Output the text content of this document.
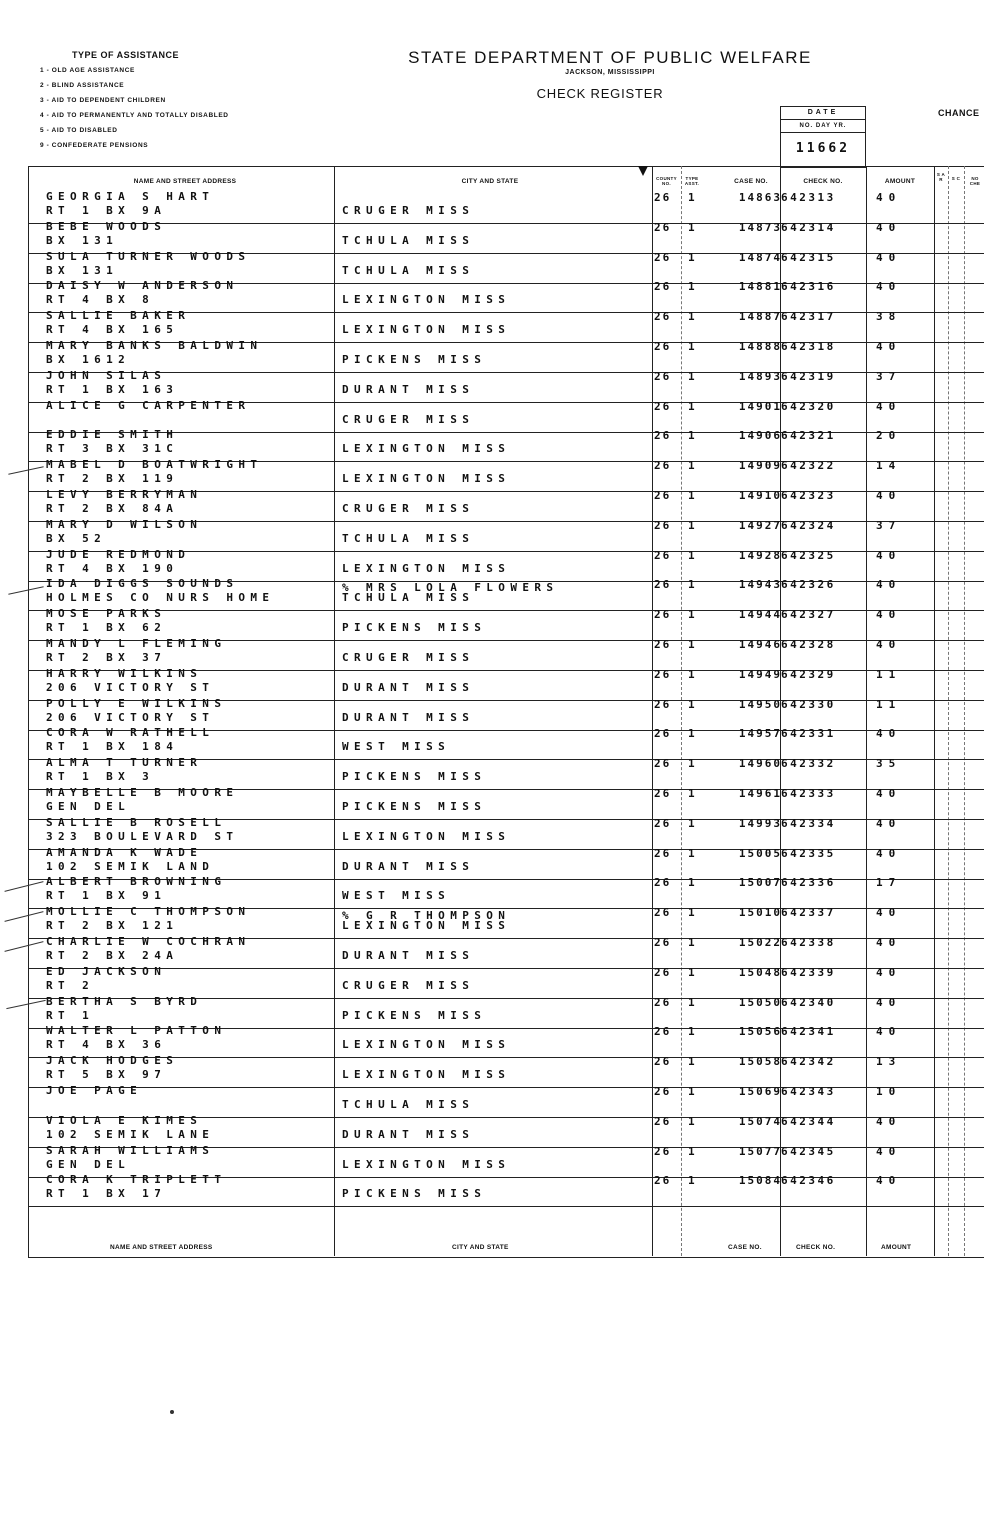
TYPE OF ASSISTANCE
1 - OLD AGE ASSISTANCE
2 - BLIND ASSISTANCE
3 - AID TO DEPENDENT CHILDREN
4 - AID TO PERMANENTLY AND TOTALLY DISABLED
5 - AID TO DISABLED
9 - CONFEDERATE PENSIONS
STATE DEPARTMENT OF PUBLIC WELFARE
JACKSON, MISSISSIPPI
CHECK REGISTER
DATE
NO. DAY YR.
11662
CHANCE
NAME AND STREET ADDRESS	CITY AND STATE	COUNTY NO.
TYPE ASST.	CASE NO.	CHECK NO.	AMOUNT
S A R	S C	NO CHE
GEORGIA S HART
RT 1 BX 9A	CRUGER MISS
26 1	14863 642313	40
BEBE WOODS
BX 131	TCHULA MISS
26 1	14873 642314	40
SULA TURNER WOODS
BX 131	TCHULA MISS
26 1	14874 642315	40
DAISY W ANDERSON
RT 4 BX 8	LEXINGTON MISS
26 1	14881 642316	40
SALLIE BAKER
RT 4 BX 165	LEXINGTON MISS
26 1	14887 642317	38
MARY BANKS BALDWIN
BX 1612	PICKENS MISS
26 1	14888 642318	40
JOHN SILAS
RT 1 BX 163	DURANT MISS
26 1	14893 642319	37
ALICE G CARPENTER
CRUGER MISS
26 1	14901 642320	40
EDDIE SMITH
RT 3 BX 31C	LEXINGTON MISS
26 1	14906 642321	20
MABEL D BOATWRIGHT
RT 2 BX 119	LEXINGTON MISS
26 1	14909 642322	14
LEVY BERRYMAN
RT 2 BX 84A	CRUGER MISS
26 1	14910 642323	40
MARY D WILSON
BX 52	TCHULA MISS
26 1	14927 642324	37
JUDE REDMOND
RT 4 BX 190	LEXINGTON MISS
26 1	14928 642325	40
IDA DIGGS SOUNDS
HOLMES CO NURS HOME
% MRS LOLA FLOWERS
TCHULA MISS
26 1	14943 642326	40
MOSE PARKS
RT 1 BX 62	PICKENS MISS
26 1	14944 642327	40
MANDY L FLEMING
RT 2 BX 37	CRUGER MISS
26 1	14946 642328	40
HARRY WILKINS
206 VICTORY ST	DURANT MISS
26 1	14949 642329	11
POLLY E WILKINS
206 VICTORY ST	DURANT MISS
26 1	14950 642330	11
CORA W RATHELL
RT 1 BX 184	WEST MISS
26 1	14957 642331	40
ALMA T TURNER
RT 1 BX 3	PICKENS MISS
26 1	14960 642332	35
MAYBELLE B MOORE
GEN DEL	PICKENS MISS
26 1	14961 642333	40
SALLIE B ROSELL
323 BOULEVARD ST	LEXINGTON MISS
26 1	14993 642334	40
AMANDA K WADE
102 SEMIK LAND	DURANT MISS
26 1	15005 642335	40
ALBERT BROWNING
RT 1 BX 91	WEST MISS
26 1	15007 642336	17
MOLLIE C THOMPSON
RT 2 BX 121
% G R THOMPSON
LEXINGTON MISS
26 1	15010 642337	40
CHARLIE W COCHRAN
RT 2 BX 24A	DURANT MISS
26 1	15022 642338	40
ED JACKSON
RT 2	CRUGER MISS
26 1	15048 642339	40
BERTHA S BYRD
RT 1	PICKENS MISS
26 1	15050 642340	40
WALTER L PATTON
RT 4 BX 36	LEXINGTON MISS
26 1	15056 642341	40
JACK HODGES
RT 5 BX 97	LEXINGTON MISS
26 1	15058 642342	13
JOE PAGE
TCHULA MISS
26 1	15069 642343	10
VIOLA E KIMES
102 SEMIK LANE	DURANT MISS
26 1	15074 642344	40
SARAH WILLIAMS
GEN DEL	LEXINGTON MISS
26 1	15077 642345	40
CORA K TRIPLETT
RT 1 BX 17	PICKENS MISS
26 1	15084 642346	40
NAME AND STREET ADDRESS	CITY AND STATE	CASE NO.	CHECK NO.	AMOUNT
